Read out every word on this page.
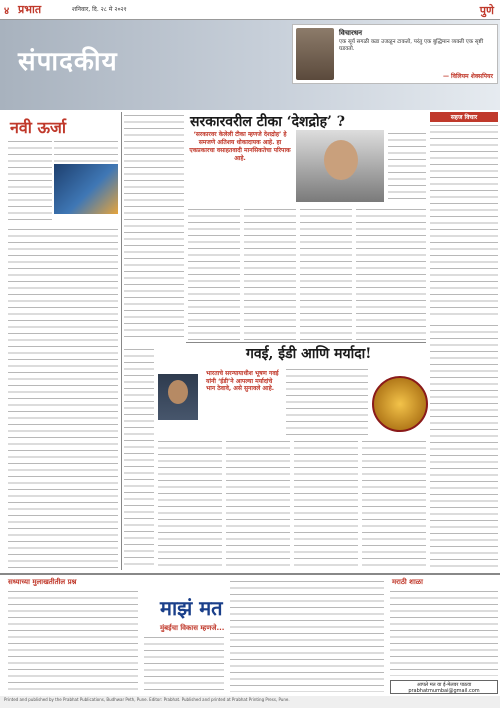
४ प्रभात	शनिवार, दि. २८ मे २०२१	पुणे
संपादकीय
विचारधन
एक सूर्य सगळी कडा उजळून टाकतो, परंतु एक बुद्धिमान व्यक्ती एक सृष्टी घडवतो.
— विलियम शेक्सपियर
नवी ऊर्जा	सरकारवरील टीका ‘देशद्रोह’ ?
‘सरकारवर केलेली टीका म्हणजे देशद्रोह’ हे समजणे अतिशय धोकादायक आहे. हा एकप्रकारचा वसाहतवादी मानसिकतेचा परिपाक आहे.
सहज विचार
गवई, ईडी आणि मर्यादा!
भारताचे सरन्यायाधीश भूषण गवई यांनी ‘ईडी’ने आपल्या मर्यादांचे भान ठेवावे, असे सुनावले आहे.
सध्याच्या मुलाखतीतील प्रश्न
माझं मत
मुंबईचा विकास म्हणजे...
मराठी शाळा
आपले मत या ई-मेलवर पाठवा
prabhatmumbai@gmail.com
Printed and published by the Prabhat Publications, Budhwar Peth, Pune. Editor: Prabhat. Published and printed at Prabhat Printing Press, Pune.
